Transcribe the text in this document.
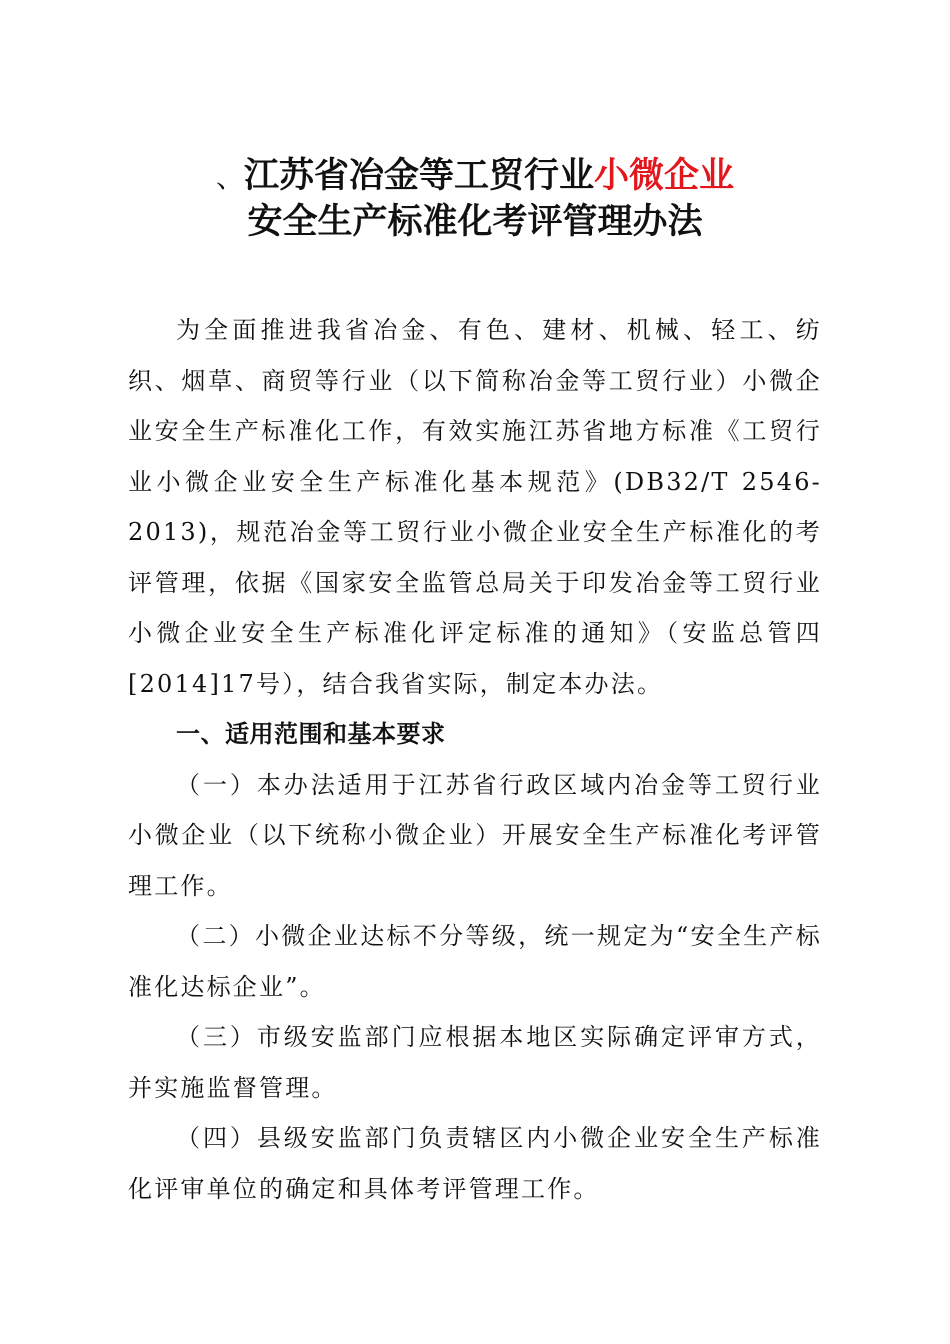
、江苏省冶金等工贸行业小微企业
安全生产标准化考评管理办法

为全面推进我省冶金、有色、建材、机械、轻工、纺织、烟草、商贸等行业（以下简称冶金等工贸行业）小微企业安全生产标准化工作，有效实施江苏省地方标准《工贸行业小微企业安全生产标准化基本规范》(DB32/T 2546-2013)，规范冶金等工贸行业小微企业安全生产标准化的考评管理，依据《国家安全监管总局关于印发冶金等工贸行业小微企业安全生产标准化评定标准的通知》（安监总管四[2014]17号），结合我省实际，制定本办法。

一、适用范围和基本要求

（一）本办法适用于江苏省行政区域内冶金等工贸行业小微企业（以下统称小微企业）开展安全生产标准化考评管理工作。

（二）小微企业达标不分等级，统一规定为“安全生产标准化达标企业”。

（三）市级安监部门应根据本地区实际确定评审方式，并实施监督管理。

（四）县级安监部门负责辖区内小微企业安全生产标准化评审单位的确定和具体考评管理工作。
